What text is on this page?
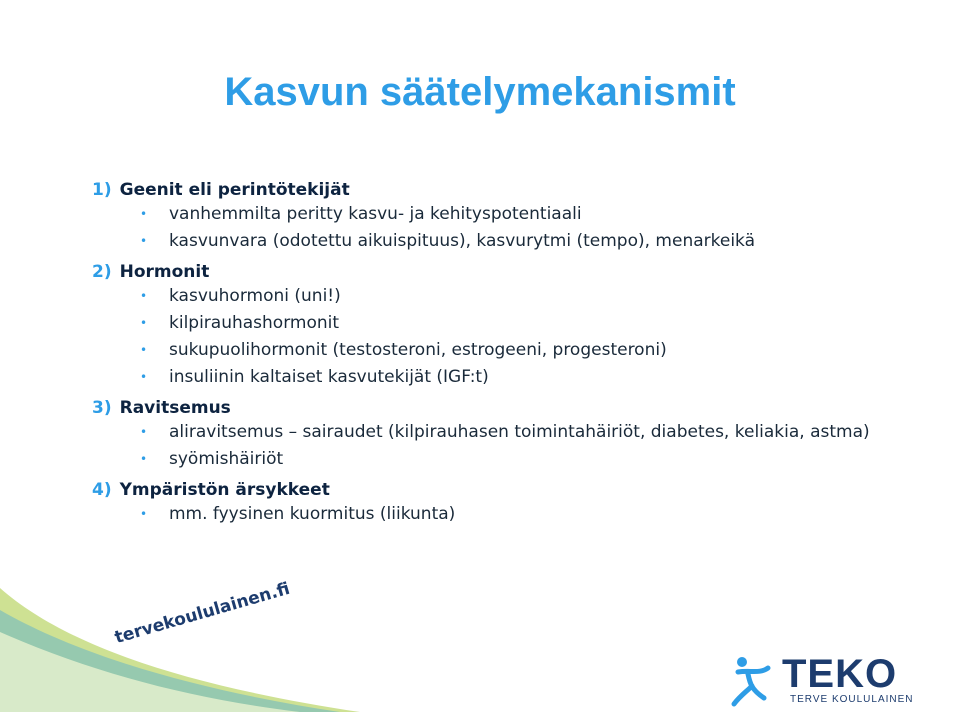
Kasvun säätelymekanismit
1) Geenit eli perintötekijät
• vanhemmilta peritty kasvu- ja kehityspotentiaali
• kasvunvara (odotettu aikuispituus), kasvurytmi (tempo), menarkeikä
2) Hormonit
• kasvuhormoni (uni!)
• kilpirauhashormonit
• sukupuolihormonit (testosteroni, estrogeeni, progesteroni)
• insuliinin kaltaiset kasvutekijät (IGF:t)
3) Ravitsemus
• aliravitsemus – sairaudet (kilpirauhasen toimintahäiriöt, diabetes, keliakia, astma)
• syömishäiriöt
4) Ympäristön ärsykkeet
• mm. fyysinen kuormitus (liikunta)
tervekoululainen.fi
TEKO
TERVE KOULULAINEN
